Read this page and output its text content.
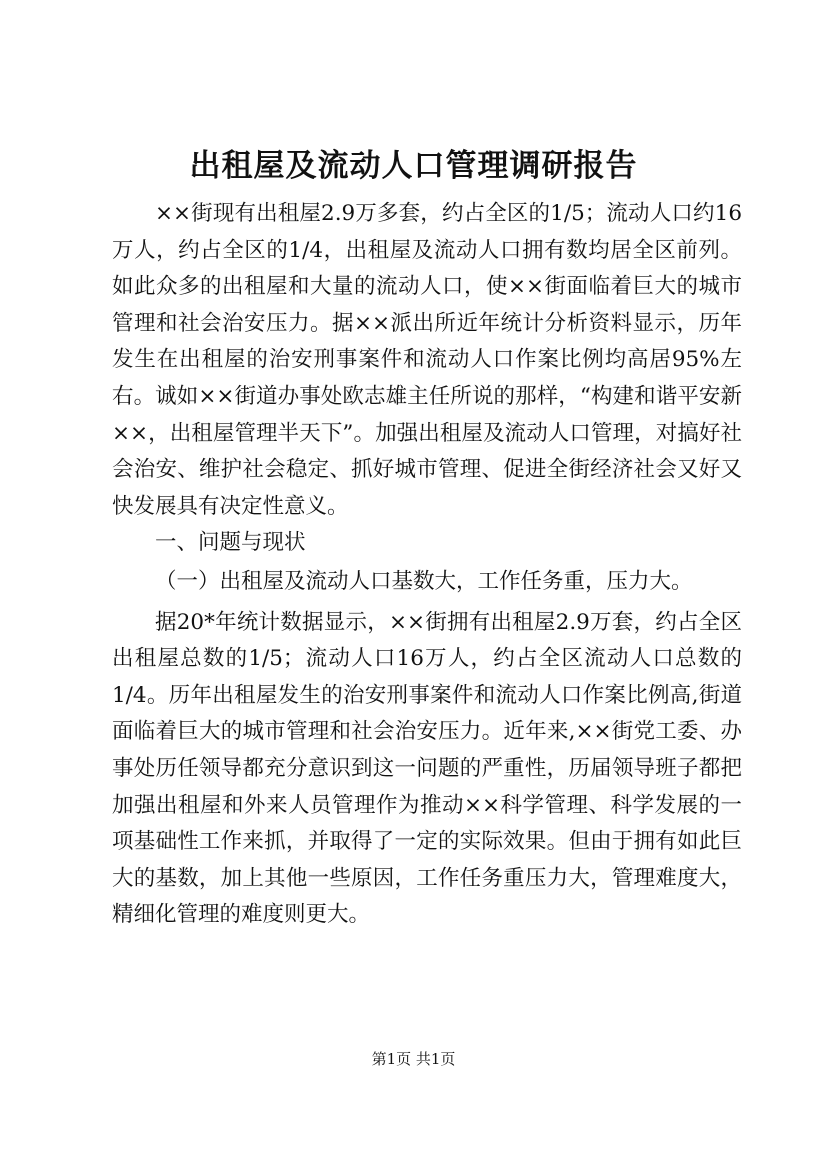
出租屋及流动人口管理调研报告

××街现有出租屋2.9万多套，约占全区的1/5；流动人口约16万人，约占全区的1/4，出租屋及流动人口拥有数均居全区前列。如此众多的出租屋和大量的流动人口，使××街面临着巨大的城市管理和社会治安压力。据××派出所近年统计分析资料显示，历年发生在出租屋的治安刑事案件和流动人口作案比例均高居95%左右。诚如××街道办事处欧志雄主任所说的那样，“构建和谐平安新××，出租屋管理半天下”。加强出租屋及流动人口管理，对搞好社会治安、维护社会稳定、抓好城市管理、促进全街经济社会又好又快发展具有决定性意义。

一、问题与现状

（一）出租屋及流动人口基数大，工作任务重，压力大。

据20*年统计数据显示，××街拥有出租屋2.9万套，约占全区出租屋总数的1/5；流动人口16万人，约占全区流动人口总数的1/4。历年出租屋发生的治安刑事案件和流动人口作案比例高,街道面临着巨大的城市管理和社会治安压力。近年来,××街党工委、办事处历任领导都充分意识到这一问题的严重性，历届领导班子都把加强出租屋和外来人员管理作为推动××科学管理、科学发展的一项基础性工作来抓，并取得了一定的实际效果。但由于拥有如此巨大的基数，加上其他一些原因，工作任务重压力大，管理难度大，精细化管理的难度则更大。

第1页 共1页
